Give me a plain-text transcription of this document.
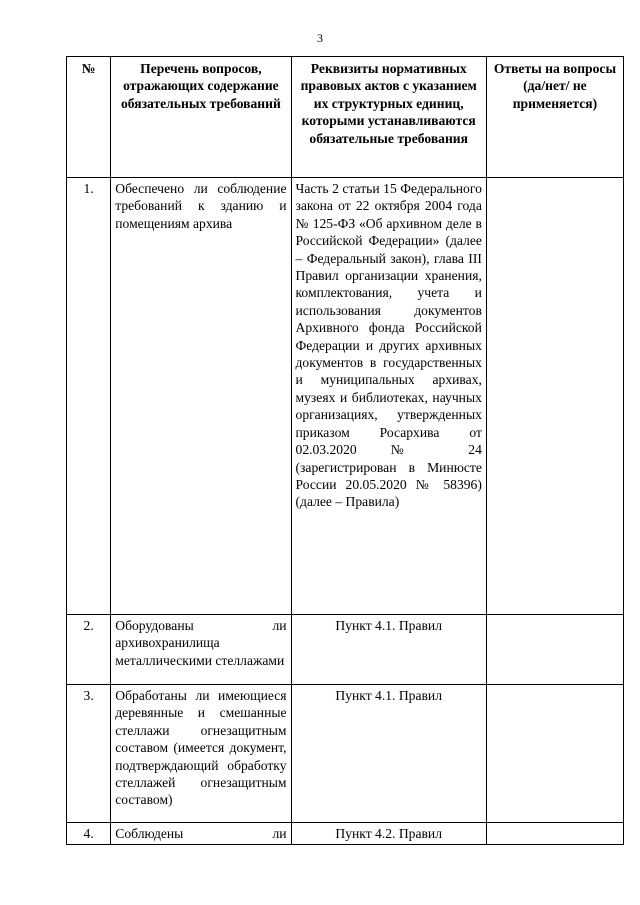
3
№	Перечень вопросов, отражающих содержание обязательных требований	Реквизиты нормативных правовых актов с указанием их структурных единиц, которыми устанавливаются обязательные требования	Ответы на вопросы (да/нет/ не применяется)
1.	Обеспечено ли соблюдение требований к зданию и помещениям архива	Часть 2 статьи 15 Федерального закона от 22 октября 2004 года № 125-ФЗ «Об архивном деле в Российской Федерации» (далее – Федеральный закон), глава III Правил организации хранения, комплектования, учета и использования документов Архивного фонда Российской Федерации и других архивных документов в государственных и муниципальных архивах, музеях и библиотеках, научных организациях, утвержденных приказом Росархива от 02.03.2020 № 24 (зарегистрирован в Минюсте России 20.05.2020 № 58396) (далее – Правила)	
2.	Оборудованы ли архивохранилища металлическими стеллажами	Пункт 4.1. Правил	
3.	Обработаны ли имеющиеся деревянные и смешанные стеллажи огнезащитным составом (имеется документ, подтверждающий обработку стеллажей огнезащитным составом)	Пункт 4.1. Правил	
4.	Соблюдены ли	Пункт 4.2. Правил	
